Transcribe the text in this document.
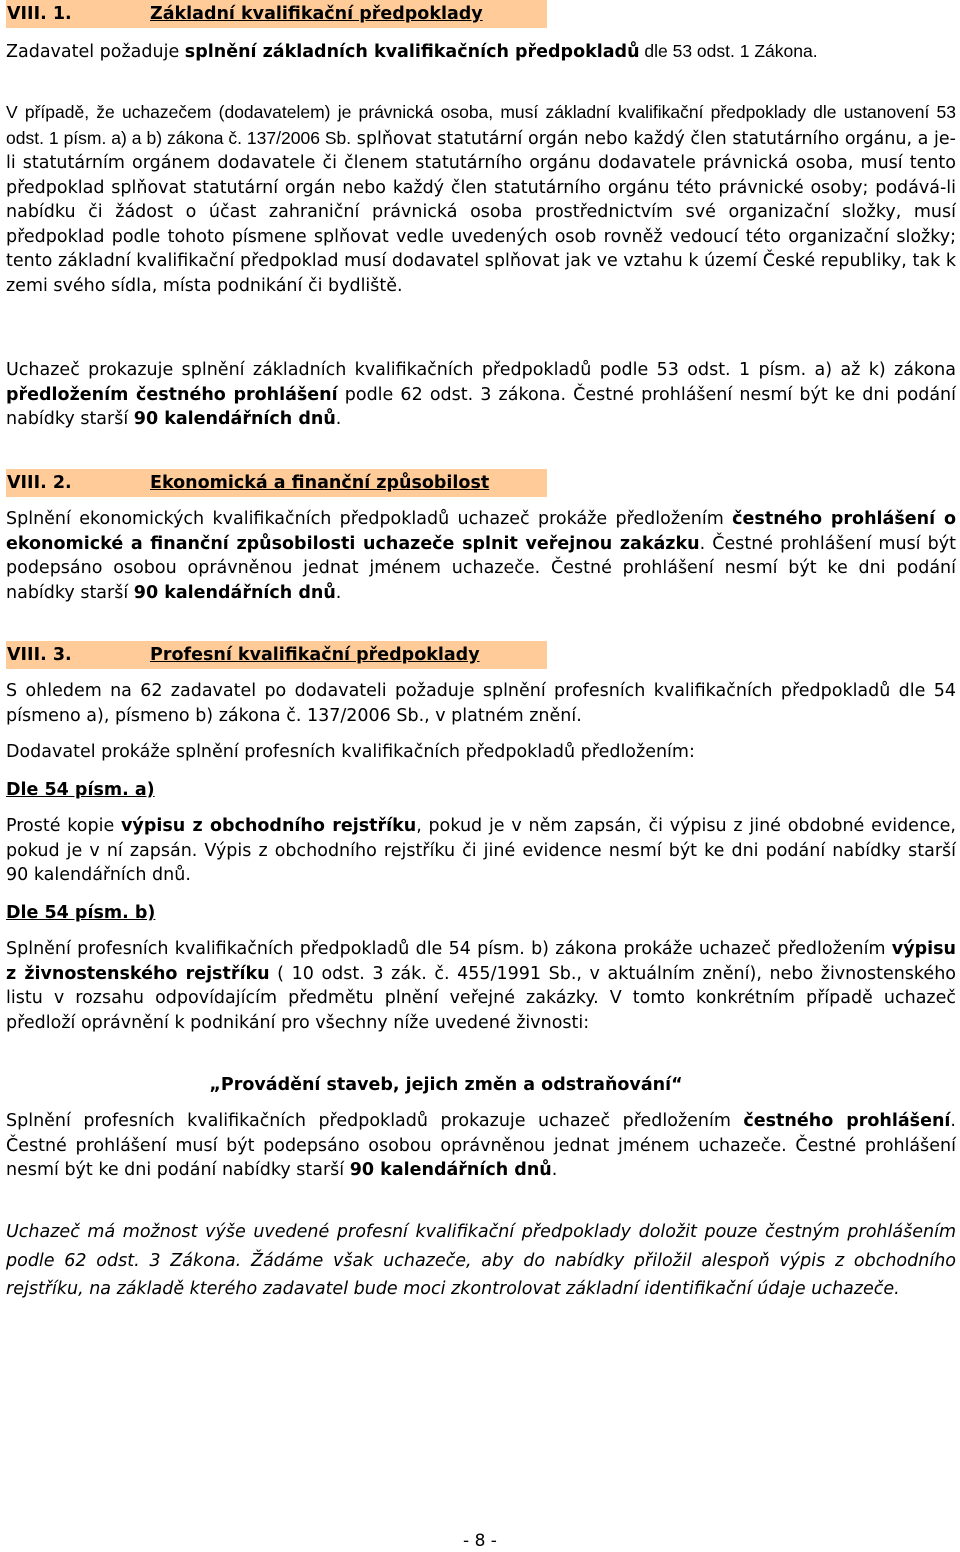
VIII. 1.	Základní kvalifikační předpoklady

Zadavatel požaduje splnění základních kvalifikačních předpokladů dle 53 odst. 1 Zákona.

V případě, že uchazečem (dodavatelem) je právnická osoba, musí základní kvalifikační předpoklady dle ustanovení 53 odst. 1 písm. a) a b) zákona č. 137/2006 Sb. splňovat statutární orgán nebo každý člen statutárního orgánu, a je-li statutárním orgánem dodavatele či členem statutárního orgánu dodavatele právnická osoba, musí tento předpoklad splňovat statutární orgán nebo každý člen statutárního orgánu této právnické osoby; podává-li nabídku či žádost o účast zahraniční právnická osoba prostřednictvím své organizační složky, musí předpoklad podle tohoto písmene splňovat vedle uvedených osob rovněž vedoucí této organizační složky; tento základní kvalifikační předpoklad musí dodavatel splňovat jak ve vztahu k území České republiky, tak k zemi svého sídla, místa podnikání či bydliště.

Uchazeč prokazuje splnění základních kvalifikačních předpokladů podle 53 odst. 1 písm. a) až k) zákona předložením čestného prohlášení podle 62 odst. 3 zákona. Čestné prohlášení nesmí být ke dni podání nabídky starší 90 kalendářních dnů.

VIII. 2.	Ekonomická a finanční způsobilost

Splnění ekonomických kvalifikačních předpokladů uchazeč prokáže předložením čestného prohlášení o ekonomické a finanční způsobilosti uchazeče splnit veřejnou zakázku. Čestné prohlášení musí být podepsáno osobou oprávněnou jednat jménem uchazeče. Čestné prohlášení nesmí být ke dni podání nabídky starší 90 kalendářních dnů.

VIII. 3.	Profesní kvalifikační předpoklady

S ohledem na 62 zadavatel po dodavateli požaduje splnění profesních kvalifikačních předpokladů dle 54 písmeno a), písmeno b) zákona č. 137/2006 Sb., v platném znění.

Dodavatel prokáže splnění profesních kvalifikačních předpokladů předložením:

Dle 54 písm. a)

Prosté kopie výpisu z obchodního rejstříku, pokud je v něm zapsán, či výpisu z jiné obdobné evidence, pokud je v ní zapsán. Výpis z obchodního rejstříku či jiné evidence nesmí být ke dni podání nabídky starší 90 kalendářních dnů.

Dle 54 písm. b)

Splnění profesních kvalifikačních předpokladů dle 54 písm. b) zákona prokáže uchazeč předložením výpisu z živnostenského rejstříku ( 10 odst. 3 zák. č. 455/1991 Sb., v aktuálním znění), nebo živnostenského listu v rozsahu odpovídajícím předmětu plnění veřejné zakázky. V tomto konkrétním případě uchazeč předloží oprávnění k podnikání pro všechny níže uvedené živnosti:

„Provádění staveb, jejich změn a odstraňování“

Splnění profesních kvalifikačních předpokladů prokazuje uchazeč předložením čestného prohlášení. Čestné prohlášení musí být podepsáno osobou oprávněnou jednat jménem uchazeče. Čestné prohlášení nesmí být ke dni podání nabídky starší 90 kalendářních dnů.

Uchazeč má možnost výše uvedené profesní kvalifikační předpoklady doložit pouze čestným prohlášením podle 62 odst. 3 Zákona. Žádáme však uchazeče, aby do nabídky přiložil alespoň výpis z obchodního rejstříku, na základě kterého zadavatel bude moci zkontrolovat základní identifikační údaje uchazeče.

- 8 -
